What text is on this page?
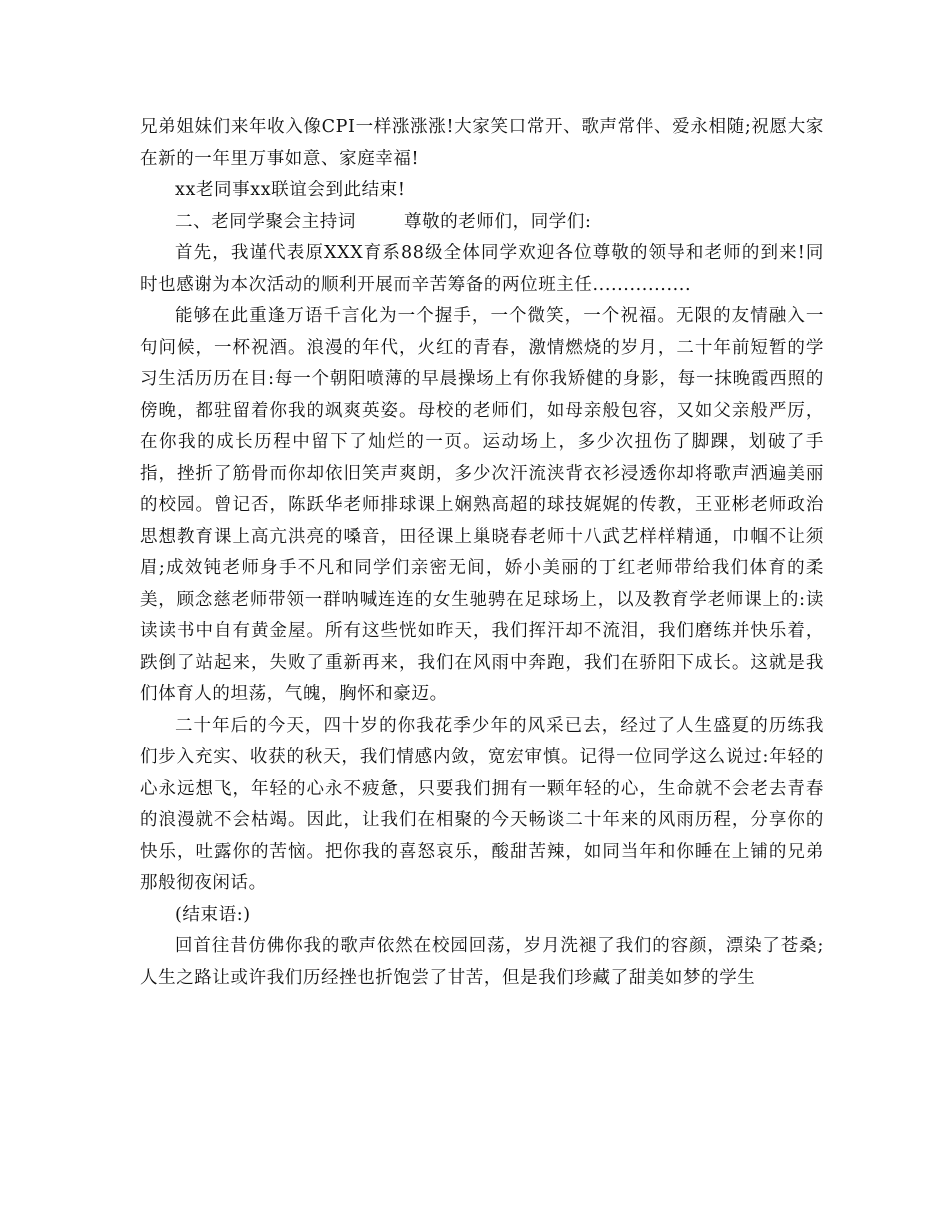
兄弟姐妹们来年收入像CPI一样涨涨涨!大家笑口常开、歌声常伴、爱永相随;祝愿大家在新的一年里万事如意、家庭幸福!

xx老同事xx联谊会到此结束!

二、老同学聚会主持词	尊敬的老师们，同学们:

首先，我谨代表原XXX育系88级全体同学欢迎各位尊敬的领导和老师的到来!同时也感谢为本次活动的顺利开展而辛苦筹备的两位班主任................

能够在此重逢万语千言化为一个握手，一个微笑，一个祝福。无限的友情融入一句问候，一杯祝酒。浪漫的年代，火红的青春，激情燃烧的岁月，二十年前短暂的学习生活历历在目:每一个朝阳喷薄的早晨操场上有你我矫健的身影，每一抹晚霞西照的傍晚，都驻留着你我的飒爽英姿。母校的老师们，如母亲般包容，又如父亲般严厉，在你我的成长历程中留下了灿烂的一页。运动场上，多少次扭伤了脚踝，划破了手指，挫折了筋骨而你却依旧笑声爽朗，多少次汗流浃背衣衫浸透你却将歌声洒遍美丽的校园。曾记否，陈跃华老师排球课上娴熟高超的球技娓娓的传教，王亚彬老师政治思想教育课上高亢洪亮的嗓音，田径课上巢晓春老师十八武艺样样精通，巾帼不让须眉;成效钝老师身手不凡和同学们亲密无间，娇小美丽的丁红老师带给我们体育的柔美，顾念慈老师带领一群呐喊连连的女生驰骋在足球场上，以及教育学老师课上的:读读读书中自有黄金屋。所有这些恍如昨天，我们挥汗却不流泪，我们磨练并快乐着，跌倒了站起来，失败了重新再来，我们在风雨中奔跑，我们在骄阳下成长。这就是我们体育人的坦荡，气魄，胸怀和豪迈。

二十年后的今天，四十岁的你我花季少年的风采已去，经过了人生盛夏的历练我们步入充实、收获的秋天，我们情感内敛，宽宏审慎。记得一位同学这么说过:年轻的心永远想飞，年轻的心永不疲惫，只要我们拥有一颗年轻的心，生命就不会老去青春的浪漫就不会枯竭。因此，让我们在相聚的今天畅谈二十年来的风雨历程，分享你的快乐，吐露你的苦恼。把你我的喜怒哀乐，酸甜苦辣，如同当年和你睡在上铺的兄弟那般彻夜闲话。

(结束语:)

回首往昔仿佛你我的歌声依然在校园回荡，岁月洗褪了我们的容颜，漂染了苍桑;人生之路让或许我们历经挫也折饱尝了甘苦，但是我们珍藏了甜美如梦的学生
